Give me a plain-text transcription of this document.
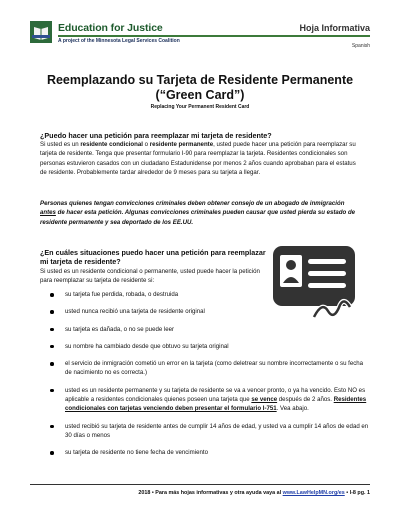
Education for Justice
A project of the Minnesota Legal Services Coalition
Hoja Informativa
Spanish
Reemplazando su Tarjeta de Residente Permanente
(“Green Card”)
Replacing Your Permanent Resident Card
¿Puedo hacer una petición para reemplazar mi tarjeta de residente?
Si usted es un residente condicional o residente permanente, usted puede hacer una petición para reemplazar su tarjeta de residente. Tenga que presentar formulario I-90 para reemplazar la tarjeta. Residentes condicionales son personas estuvieron casados con un ciudadano Estadunidense por menos 2 años cuando aprobaban para el estatus de residente. Probablemente tardar alrededor de 9 meses para su tarjeta a llegar.
Personas quienes tengan convicciones criminales deben obtener consejo de un abogado de inmigración antes de hacer esta petición. Algunas convicciones criminales pueden causar que usted pierda su estado de residente permanente y sea deportado de los EE.UU.
¿En cuáles situaciones puedo hacer una petición para reemplazar mi tarjeta de residente?
Si usted es un residente condicional o permanente, usted puede hacer la petición para reemplazar su tarjeta de residente si:
su tarjeta fue perdida, robada, o destruida
usted nunca recibió una tarjeta de residente original
su tarjeta es dañada, o no se puede leer
su nombre ha cambiado desde que obtuvo su tarjeta original
el servicio de inmigración cometió un error en la tarjeta (como deletrear su nombre incorrectamente o su fecha de nacimiento no es correcta.)
usted es un residente permanente y su tarjeta de residente se va a vencer pronto, o ya ha vencido. Esto NO es aplicable a residentes condicionales quienes poseen una tarjeta que se vence después de 2 años. Residentes condicionales con tarjetas venciendo deben presentar el formulario I-751. Vea abajo.
usted recibió su tarjeta de residente antes de cumplir 14 años de edad, y usted va a cumplir 14 años de edad en 30 días o menos
su tarjeta de residente no tiene fecha de vencimiento
2018 • Para más hojas informativas y otra ayuda vaya al www.LawHelpMN.org/es • I-8 pg. 1
